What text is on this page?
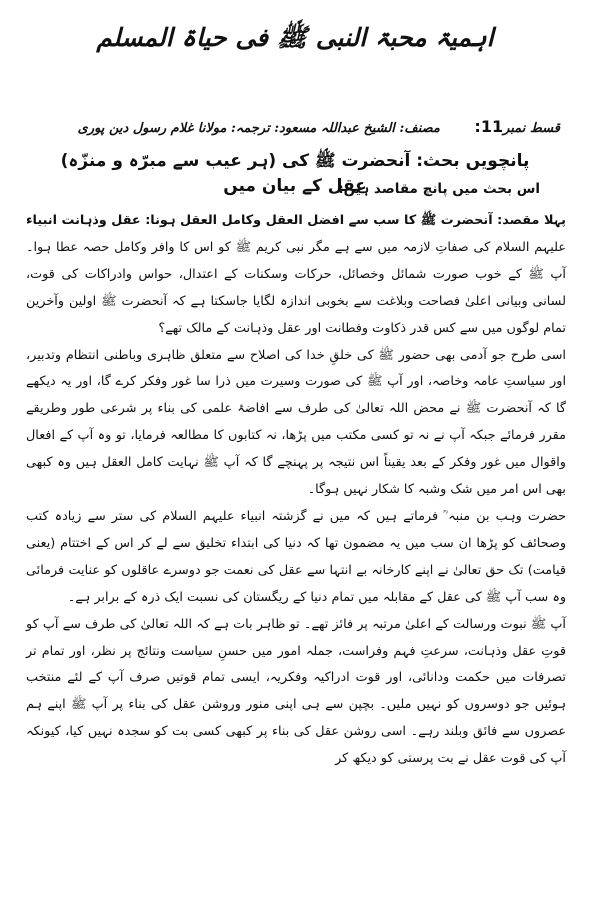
اہمیۃ محبۃ النبی ﷺ فی حیاۃ المسلم
قسط نمبر11: مصنف: الشیخ عبداللہ مسعود: ترجمہ: مولانا غلام رسول دین پوری
پانچویں بحث: آنحضرت ﷺ کی (ہر عیب سے مبرّہ و منزّہ) عقل کے بیان میں
اس بحث میں پانچ مقاصد ہیں:

پہلا مقصد: آنحضرت ﷺ کا سب سے افضل العقل وکامل العقل ہونا: عقل وذہانت انبیاء علیہم السلام کی صفاتِ لازمہ میں سے ہے مگر نبی کریم ﷺ کو اس کا وافر وکامل حصہ عطا ہوا۔ آپ ﷺ کے خوب صورت شمائل وخصائل، حرکات وسکنات کے اعتدال، حواس وادراکات کی قوت، لسانی وبیانی اعلیٰ فصاحت وبلاغت سے بخوبی اندازہ لگایا جاسکتا ہے کہ آنحضرت ﷺ اولین وآخرین تمام لوگوں میں سے کس قدر ذکاوت وفطانت اور عقل وذہانت کے مالک تھے؟

اسی طرح جو آدمی بھی حضور ﷺ کی خلقِ خدا کی اصلاح سے متعلق ظاہری وباطنی انتظام وتدبیر، اور سیاستِ عامہ وخاصہ، اور آپ ﷺ کی صورت وسیرت میں ذرا سا غور وفکر کرے گا، اور یہ دیکھے گا کہ آنحضرت ﷺ نے محض اللہ تعالیٰ کی طرف سے افاضۂ علمی کی بناء پر شرعی طور وطریقے مقرر فرمائے جبکہ آپ نے نہ تو کسی مکتب میں پڑھا، نہ کتابوں کا مطالعہ فرمایا، تو وہ آپ کے افعال واقوال میں غور وفکر کے بعد یقیناً اس نتیجہ پر پہنچے گا کہ آپ ﷺ نہایت کامل العقل ہیں وہ کبھی بھی اس امر میں شک وشبہ کا شکار نہیں ہوگا۔

حضرت وہب بن منبہ ؒ فرماتے ہیں کہ میں نے گزشتہ انبیاء علیہم السلام کی ستر سے زیادہ کتب وصحائف کو پڑھا ان سب میں یہ مضمون تھا کہ دنیا کی ابتداء تخلیق سے لے کر اس کے اختتام (یعنی قیامت) تک حق تعالیٰ نے اپنے کارخانہ بے انتہا سے عقل کی نعمت جو دوسرے عاقلوں کو عنایت فرمائی وہ سب آپ ﷺ کی عقل کے مقابلہ میں تمام دنیا کے ریگستان کی نسبت ایک ذرہ کے برابر ہے۔

آپ ﷺ نبوت ورسالت کے اعلیٰ مرتبہ پر فائز تھے۔ تو ظاہر بات ہے کہ اللہ تعالیٰ کی طرف سے آپ کو قوتِ عقل وذہانت، سرعتِ فہم وفراست، جملہ امور میں حسنِ سیاست ونتائج پر نظر، اور تمام تر تصرفات میں حکمت ودانائی، اور قوت ادراکیہ وفکریہ، ایسی تمام قوتیں صرف آپ کے لئے منتخب ہوئیں جو دوسروں کو نہیں ملیں۔ بچپن سے ہی اپنی منور وروشن عقل کی بناء پر آپ ﷺ اپنے ہم عصروں سے فائق وبلند رہے۔ اسی روشن عقل کی بناء پر کبھی کسی بت کو سجدہ نہیں کیا، کیونکہ آپ کی قوت عقل نے بت پرستی کو دیکھ کر
